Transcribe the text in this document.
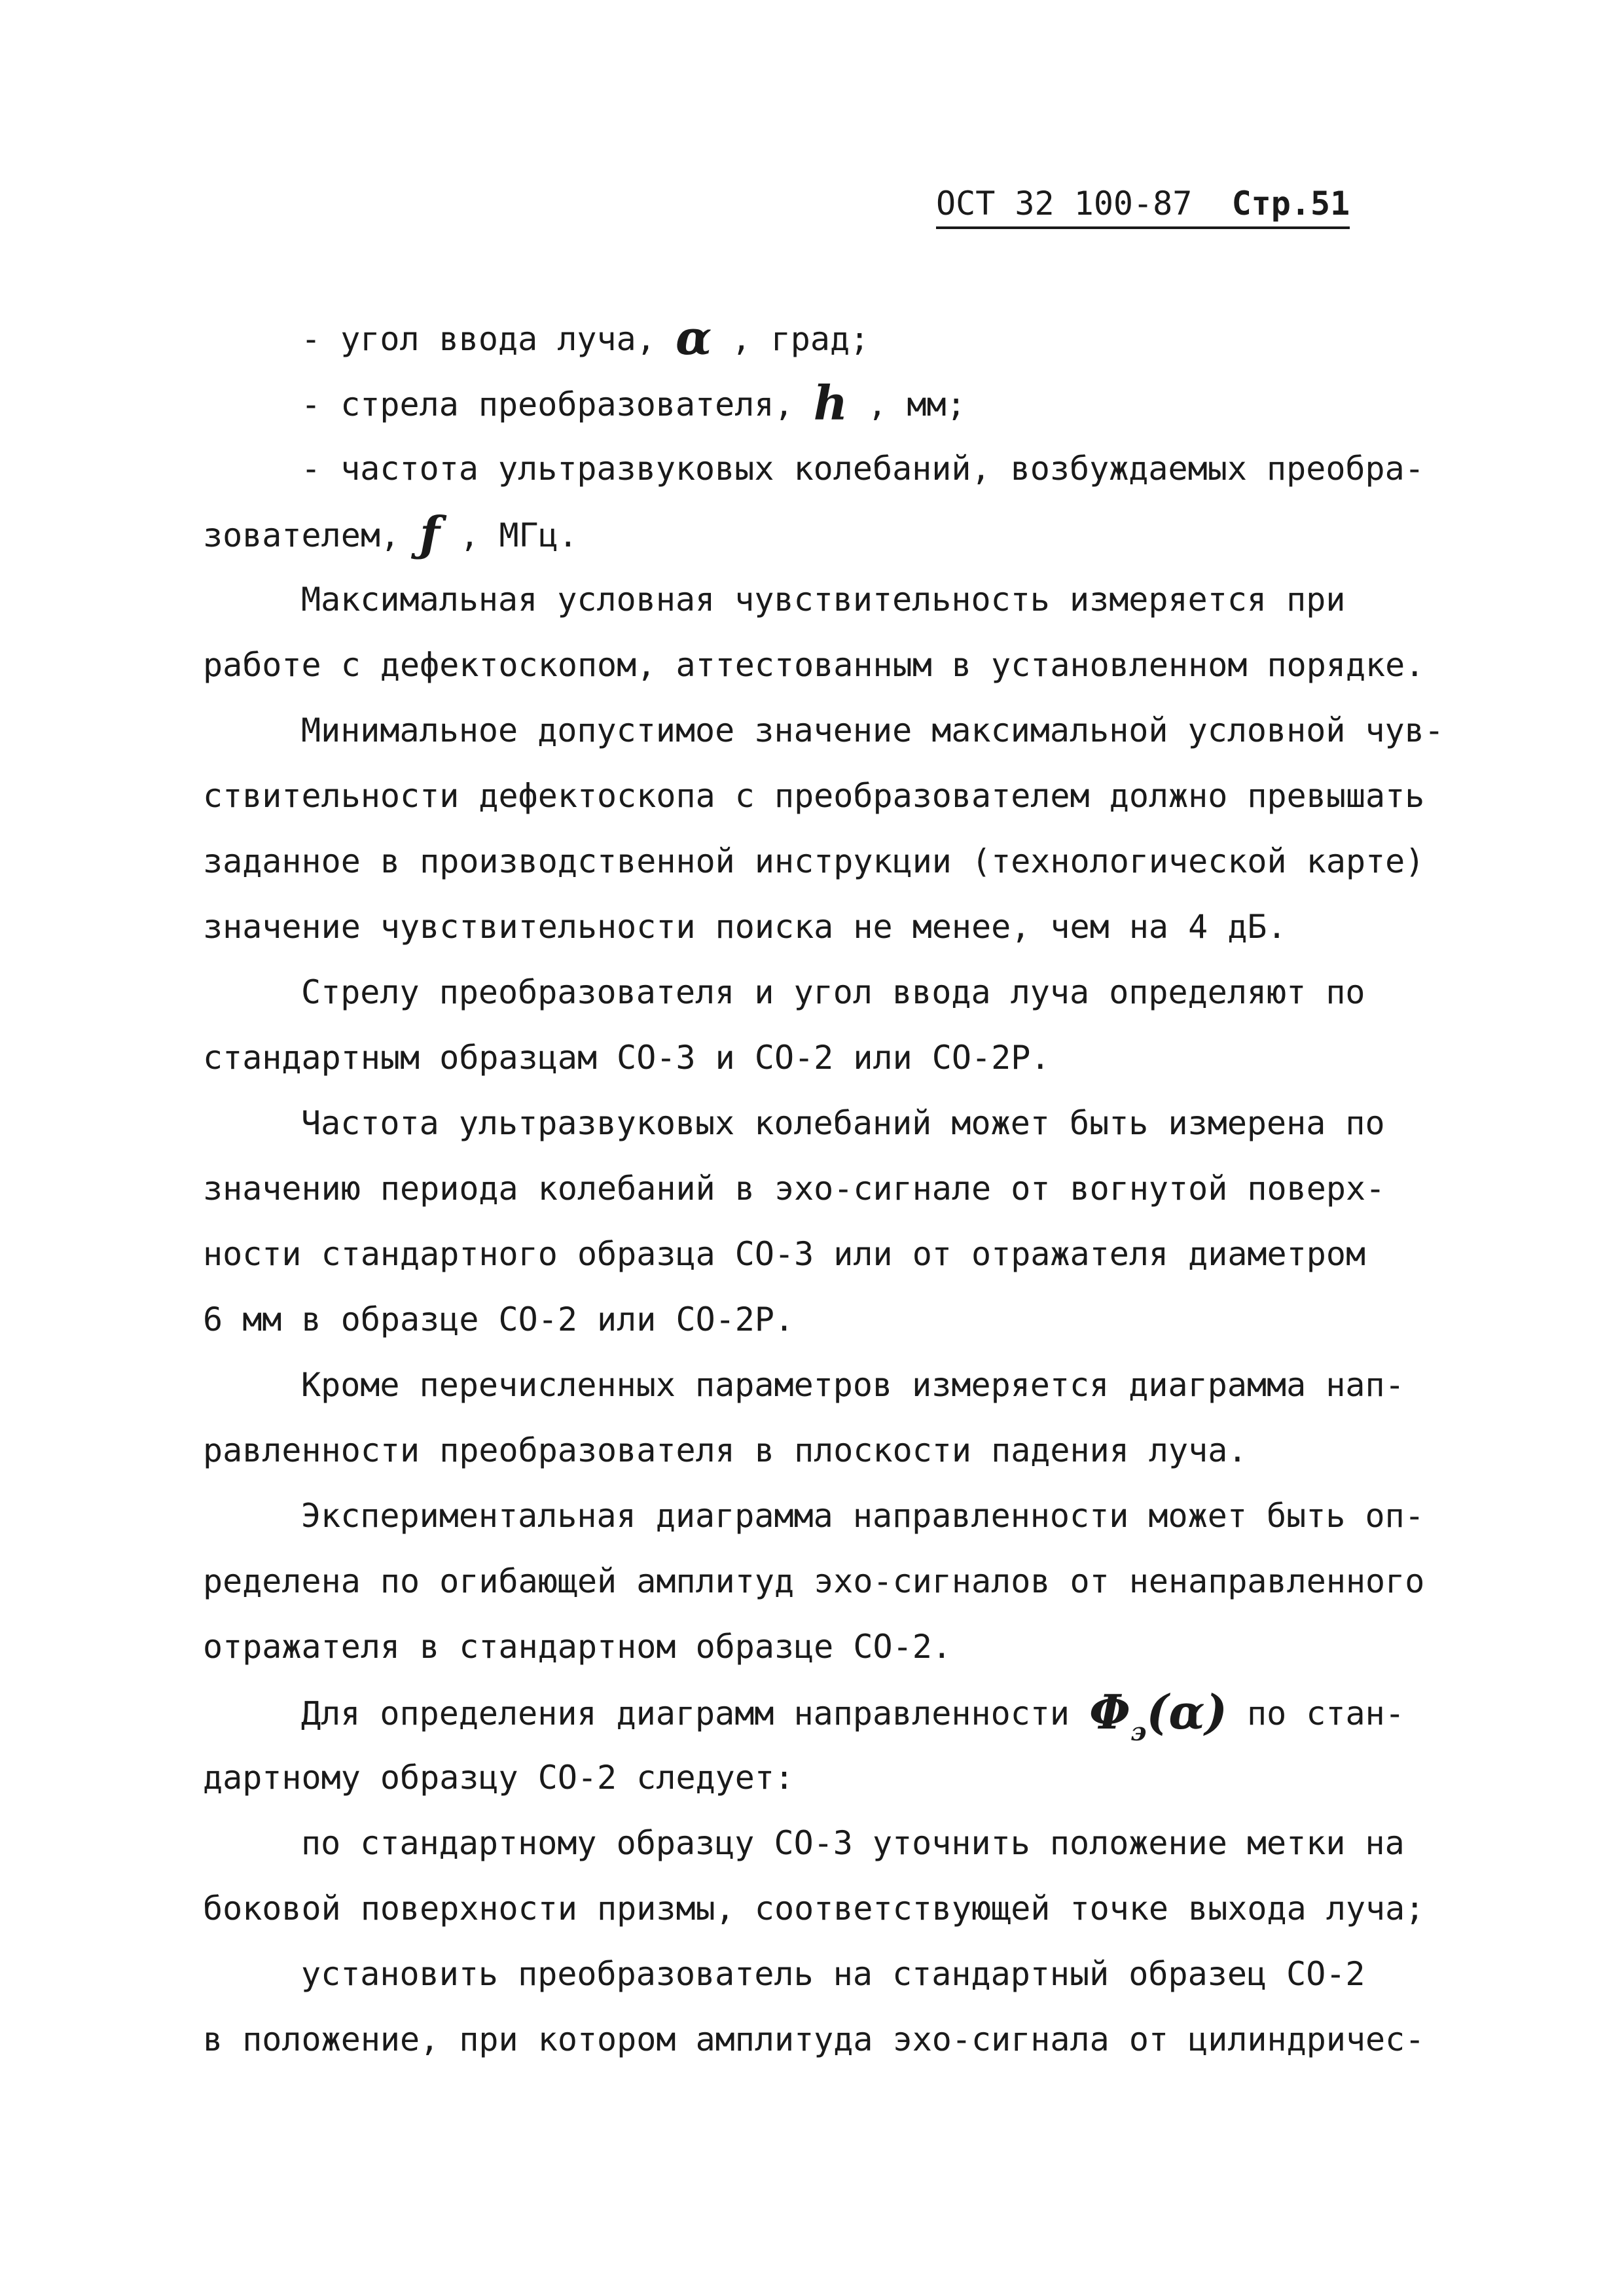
ОСТ 32 100-87 Стр.51
- угол ввода луча, α , град;
- стрела преобразователя, h , мм;
- частота ультразвуковых колебаний, возбуждаемых преобра-
зователем, ƒ , МГц.
Максимальная условная чувствительность измеряется при
работе с дефектоскопом, аттестованным в установленном порядке.
Минимальное допустимое значение максимальной условной чув-
ствительности дефектоскопа с преобразователем должно превышать
заданное в производственной инструкции (технологической карте)
значение чувствительности поиска не менее, чем на 4 дБ.
Стрелу преобразователя и угол ввода луча определяют по
стандартным образцам СО-3 и СО-2 или СО-2Р.
Частота ультразвуковых колебаний может быть измерена по
значению периода колебаний в эхо-сигнале от вогнутой поверх-
ности стандартного образца СО-3 или от отражателя диаметром
6 мм в образце СО-2 или СО-2Р.
Кроме перечисленных параметров измеряется диаграмма нап-
равленности преобразователя в плоскости падения луча.
Экспериментальная диаграмма направленности может быть оп-
ределена по огибающей амплитуд эхо-сигналов от ненаправленного
отражателя в стандартном образце СО-2.
Для определения диаграмм направленности $\Phi_э(\alpha)$ по стан-
дартному образцу СО-2 следует:
по стандартному образцу СО-3 уточнить положение метки на
боковой поверхности призмы, соответствующей точке выхода луча;
установить преобразователь на стандартный образец СО-2
в положение, при котором амплитуда эхо-сигнала от цилиндричес-
